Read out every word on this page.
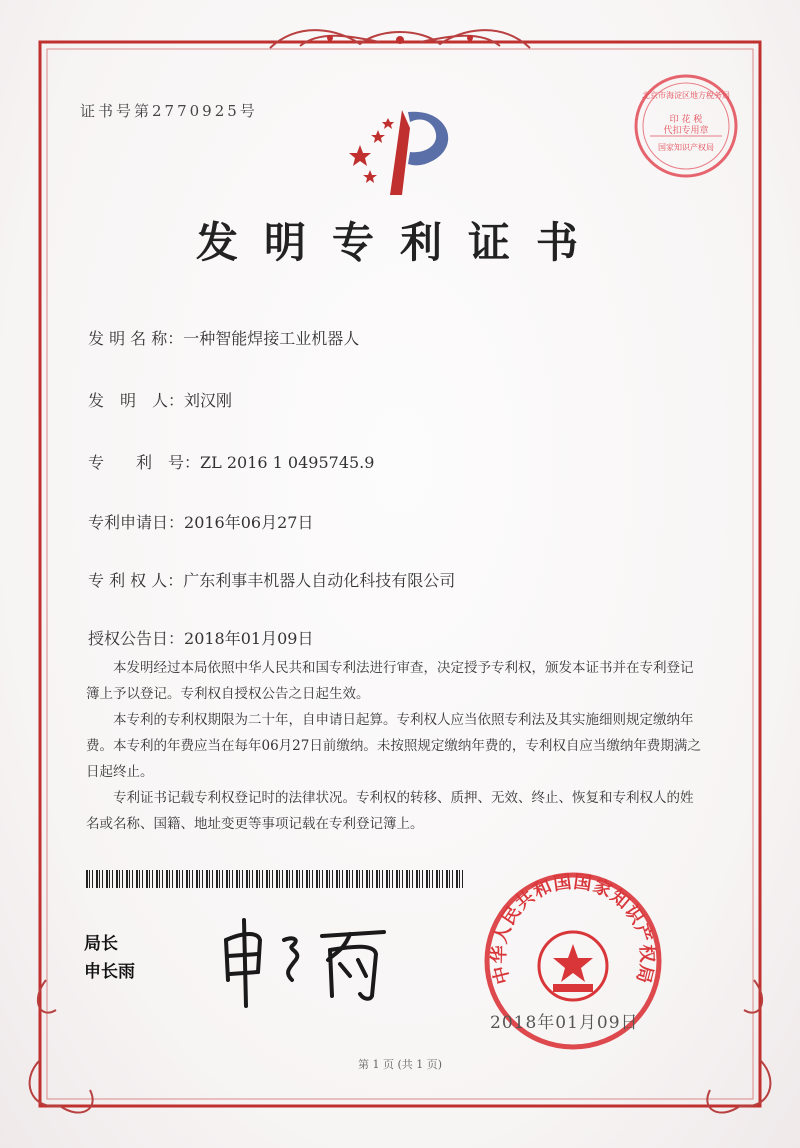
证书号第2770925号
发明专利证书
发 明 名 称：一种智能焊接工业机器人
发　明　人：刘汉刚
专　　利　号：ZL 2016 1 0495745.9
专利申请日：2016年06月27日
专 利 权 人：广东利事丰机器人自动化科技有限公司
授权公告日：2018年01月09日

本发明经过本局依照中华人民共和国专利法进行审查，决定授予专利权，颁发本证书并在专利登记簿上予以登记。专利权自授权公告之日起生效。

本专利的专利权期限为二十年，自申请日起算。专利权人应当依照专利法及其实施细则规定缴纳年费。本专利的年费应当在每年06月27日前缴纳。未按照规定缴纳年费的，专利权自应当缴纳年费期满之日起终止。

专利证书记载专利权登记时的法律状况。专利权的转移、质押、无效、终止、恢复和专利权人的姓名或名称、国籍、地址变更等事项记载在专利登记簿上。

局长
申长雨
印 花 税
代扣专用章
国家知识产权局
北京市海淀区地方税务局
中华人民共和国国家知识产权局
2018年01月09日
第 1 页 (共 1 页)
